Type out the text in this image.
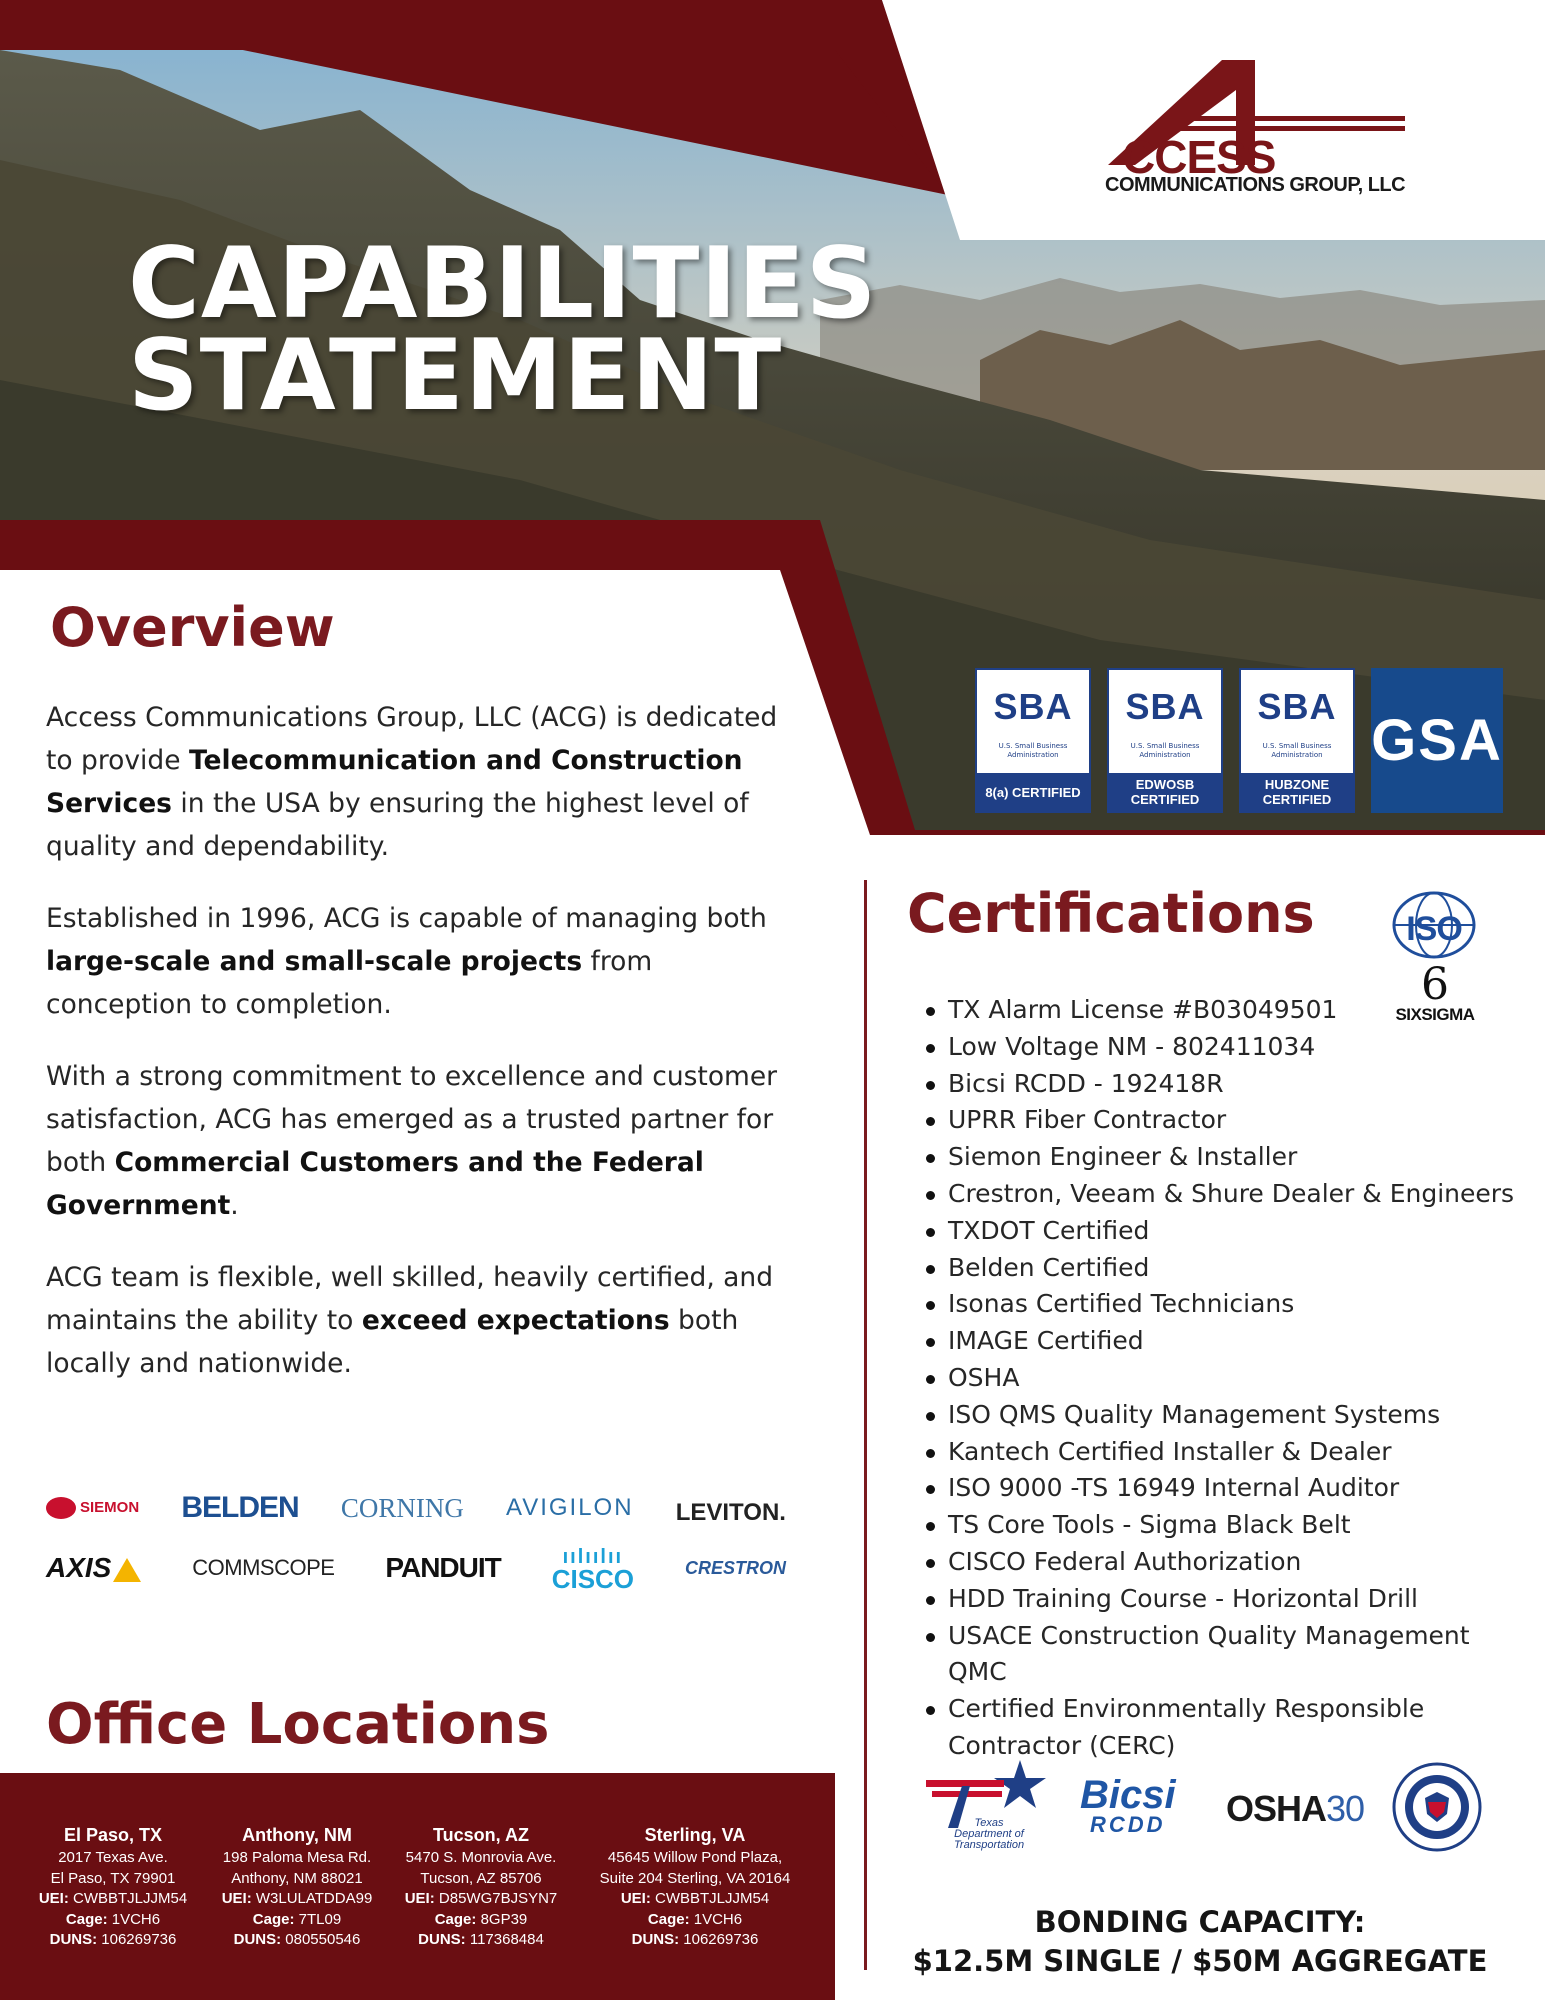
CCESS
COMMUNICATIONS GROUP, LLC
CAPABILITIES
STATEMENT
SBA
U.S. Small Business Administration
8(a) CERTIFIED
SBA
U.S. Small Business Administration
EDWOSB CERTIFIED
SBA
U.S. Small Business Administration
HUBZONE CERTIFIED
GSA
Overview

Access Communications Group, LLC (ACG) is dedicated to provide Telecommunication and Construction Services in the USA by ensuring the highest level of quality and dependability.

Established in 1996, ACG is capable of managing both large-scale and small-scale projects from conception to completion.

With a strong commitment to excellence and customer satisfaction, ACG has emerged as a trusted partner for both Commercial Customers and the Federal Government.

ACG team is flexible, well skilled, heavily certified, and maintains the ability to exceed expectations both locally and nationwide.

SIEMON BELDEN CORNING AVIGILON LEVITON.
AXIS	COMMSCOPE PANDUIT	ıılıılıı
CISCO	CRESTRON
Office Locations
El Paso, TX
2017 Texas Ave.
El Paso, TX 79901
UEI: CWBBTJLJJM54
Cage: 1VCH6
DUNS: 106269736
Anthony, NM
198 Paloma Mesa Rd.
Anthony, NM 88021
UEI: W3LULATDDA99
Cage: 7TL09
DUNS: 080550546
Tucson, AZ
5470 S. Monrovia Ave.
Tucson, AZ 85706
UEI: D85WG7BJSYN7
Cage: 8GP39
DUNS: 117368484
Sterling, VA
45645 Willow Pond Plaza,
Suite 204 Sterling, VA 20164
UEI: CWBBTJLJJM54
Cage: 1VCH6
DUNS: 106269736
Certifications	ISO
6
SIXSIGMA
TX Alarm License #B03049501
Low Voltage NM - 802411034
Bicsi RCDD - 192418R
UPRR Fiber Contractor
Siemon Engineer & Installer
Crestron, Veeam & Shure Dealer & Engineers
TXDOT Certified
Belden Certified
Isonas Certified Technicians
IMAGE Certified
OSHA
ISO QMS Quality Management Systems
Kantech Certified Installer & Dealer
ISO 9000 -TS 16949 Internal Auditor
TS Core Tools - Sigma Black Belt
CISCO Federal Authorization
HDD Training Course - Horizontal Drill
USACE Construction Quality Management QMC
Certified Environmentally Responsible Contractor (CERC)
Texas Department of Transportation
Bicsi
RCDD OSHA30
BONDING CAPACITY:
$12.5M SINGLE / $50M AGGREGATE
